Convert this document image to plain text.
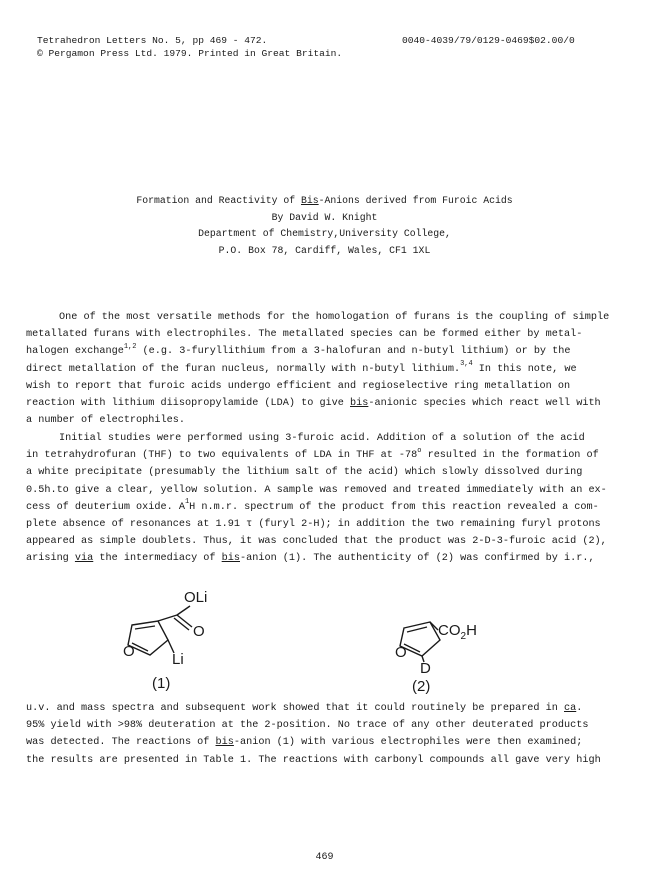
Tetrahedron Letters No. 5, pp 469 - 472.
© Pergamon Press Ltd. 1979. Printed in Great Britain.
0040-4039/79/0129-0469$02.00/0
Formation and Reactivity of Bis-Anions derived from Furoic Acids
By David W. Knight
Department of Chemistry,University College,
P.O. Box 78, Cardiff, Wales, CF1 1XL
One of the most versatile methods for the homologation of furans is the coupling of simple
metallated furans with electrophiles. The metallated species can be formed either by metal-
halogen exchange$^{1,2}$ (e.g. 3-furyllithium from a 3-halofuran and n-butyl lithium) or by the
direct metallation of the furan nucleus, normally with n-butyl lithium.$^{3,4}$ In this note, we
wish to report that furoic acids undergo efficient and regioselective ring metallation on
reaction with lithium diisopropylamide (LDA) to give bis-anionic species which react well with
a number of electrophiles.
Initial studies were performed using 3-furoic acid. Addition of a solution of the acid
in tetrahydrofuran (THF) to two equivalents of LDA in THF at -78$^o$ resulted in the formation of
a white precipitate (presumably the lithium salt of the acid) which slowly dissolved during
0.5h.to give a clear, yellow solution. A sample was removed and treated immediately with an ex-
cess of deuterium oxide. $A^1H$ n.m.r. spectrum of the product from this reaction revealed a com-
plete absence of resonances at 1.91 τ (furyl 2-H); in addition the two remaining furyl protons
appeared as simple doublets. Thus, it was concluded that the product was 2-D-3-furoic acid (2),
arising via the intermediacy of bis-anion (1). The authenticity of (2) was confirmed by i.r.,
OLi
O
O Li
(1)
$CO_2H$
O
D
(2)
u.v. and mass spectra and subsequent work showed that it could routinely be prepared in ca.
95% yield with >98% deuteration at the 2-position. No trace of any other deuterated products
was detected. The reactions of bis-anion (1) with various electrophiles were then examined;
the results are presented in Table 1. The reactions with carbonyl compounds all gave very high
469
